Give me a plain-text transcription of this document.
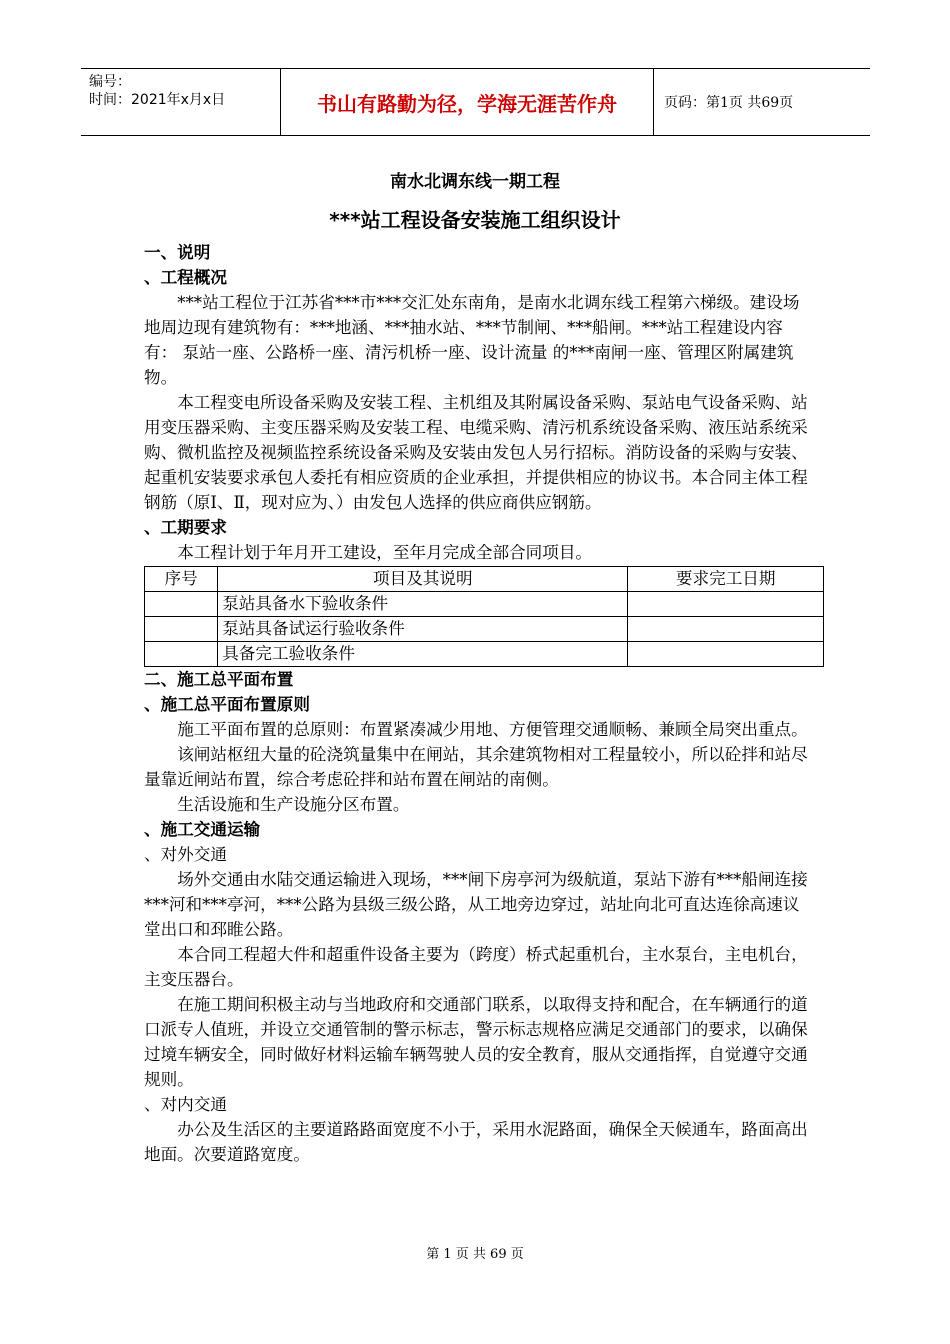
编号：
时间：2021年x月x日	书山有路勤为径，学海无涯苦作舟	页码：第1页 共69页
南水北调东线一期工程
***站工程设备安装施工组织设计

一、说明

、工程概况

***站工程位于江苏省***市***交汇处东南角，是南水北调东线工程第六梯级。建设场地周边现有建筑物有：***地涵、***抽水站、***节制闸、***船闸。***站工程建设内容有： 泵站一座、公路桥一座、清污机桥一座、设计流量 的***南闸一座、管理区附属建筑物。

本工程变电所设备采购及安装工程、主机组及其附属设备采购、泵站电气设备采购、站用变压器采购、主变压器采购及安装工程、电缆采购、清污机系统设备采购、液压站系统采购、微机监控及视频监控系统设备采购及安装由发包人另行招标。消防设备的采购与安装、起重机安装要求承包人委托有相应资质的企业承担，并提供相应的协议书。本合同主体工程钢筋（原Ⅰ、Ⅱ，现对应为、）由发包人选择的供应商供应钢筋。

、工期要求

本工程计划于年月开工建设，至年月完成全部合同项目。

序号	项目及其说明	要求完工日期
	泵站具备水下验收条件	
	泵站具备试运行验收条件	
	具备完工验收条件	

二、施工总平面布置

、施工总平面布置原则

施工平面布置的总原则：布置紧凑减少用地、方便管理交通顺畅、兼顾全局突出重点。

该闸站枢纽大量的砼浇筑量集中在闸站，其余建筑物相对工程量较小，所以砼拌和站尽量靠近闸站布置，综合考虑砼拌和站布置在闸站的南侧。

生活设施和生产设施分区布置。

、施工交通运输

、对外交通

场外交通由水陆交通运输进入现场，***闸下房亭河为级航道，泵站下游有***船闸连接***河和***亭河，***公路为县级三级公路，从工地旁边穿过，站址向北可直达连徐高速议堂出口和邳睢公路。

本合同工程超大件和超重件设备主要为（跨度）桥式起重机台，主水泵台，主电机台，主变压器台。

在施工期间积极主动与当地政府和交通部门联系，以取得支持和配合，在车辆通行的道口派专人值班，并设立交通管制的警示标志，警示标志规格应满足交通部门的要求，以确保过境车辆安全，同时做好材料运输车辆驾驶人员的安全教育，服从交通指挥，自觉遵守交通规则。

、对内交通

办公及生活区的主要道路路面宽度不小于，采用水泥路面，确保全天候通车，路面高出地面。次要道路宽度。

第 1 页 共 69 页
